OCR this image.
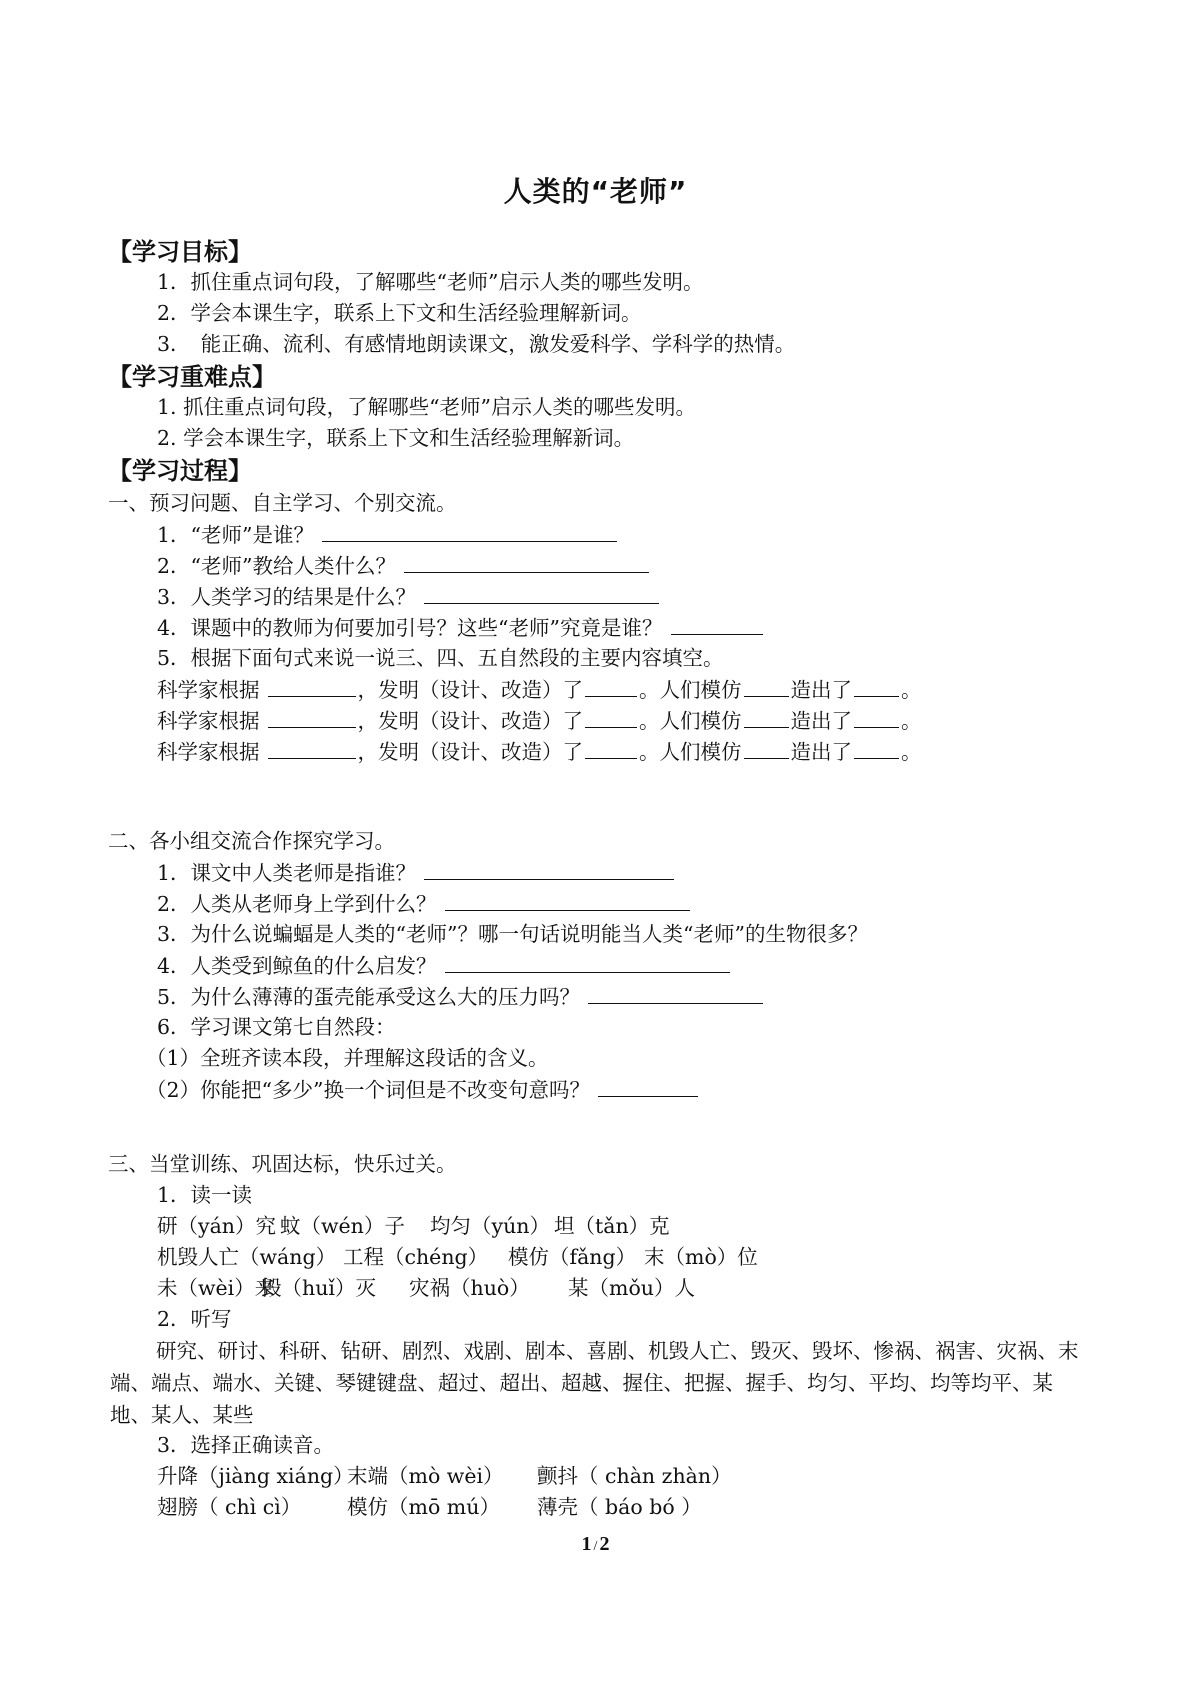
人类的“老师”
【学习目标】
1．抓住重点词句段，了解哪些“老师”启示人类的哪些发明。
2．学会本课生字，联系上下文和生活经验理解新词。
3．　能正确、流利、有感情地朗读课文，激发爱科学、学科学的热情。
【学习重难点】
1. 抓住重点词句段，了解哪些“老师”启示人类的哪些发明。
2. 学会本课生字，联系上下文和生活经验理解新词。
【学习过程】
一、预习问题、自主学习、个别交流。
1．“老师”是谁？
2．“老师”教给人类什么？
3．人类学习的结果是什么？
4．课题中的教师为何要加引号？这些“老师”究竟是谁？
5．根据下面句式来说一说三、四、五自然段的主要内容填空。
科学家根据	，发明（设计、改造）了	。人们模仿 造出了 。
科学家根据	，发明（设计、改造）了	。人们模仿 造出了 。
科学家根据	，发明（设计、改造）了	。人们模仿 造出了 。
二、各小组交流合作探究学习。
1．课文中人类老师是指谁？
2．人类从老师身上学到什么？
3．为什么说蝙蝠是人类的“老师”？哪一句话说明能当人类“老师”的生物很多？
4．人类受到鲸鱼的什么启发？
5．为什么薄薄的蛋壳能承受这么大的压力吗？
6．学习课文第七自然段：
（1）全班齐读本段，并理解这段话的含义。
（2）你能把“多少”换一个词但是不改变句意吗？
三、当堂训练、巩固达标，快乐过关。
1．读一读
研（yán）究 蚊（wén）子 均匀（yún） 坦（tǎn）克
机毁人亡（wáng） 工程（chéng） 模仿（fǎng） 末（mò）位
未（wèi）来毁（huǐ）灭 灾祸（huò） 某（mǒu）人
2．听写
研究、研讨、科研、钻研、剧烈、戏剧、剧本、喜剧、机毁人亡、毁灭、毁坏、惨祸、祸害、灾祸、末端、端点、端水、关键、琴键键盘、超过、超出、超越、握住、把握、握手、均匀、平均、均等均平、某地、某人、某些
3．选择正确读音。
升降（jiàng xiáng）末端（mò wèi） 颤抖（ chàn zhàn）
翅膀（ chì cì） 模仿（mō mú） 薄壳（ báo bó ）
1 / 2
